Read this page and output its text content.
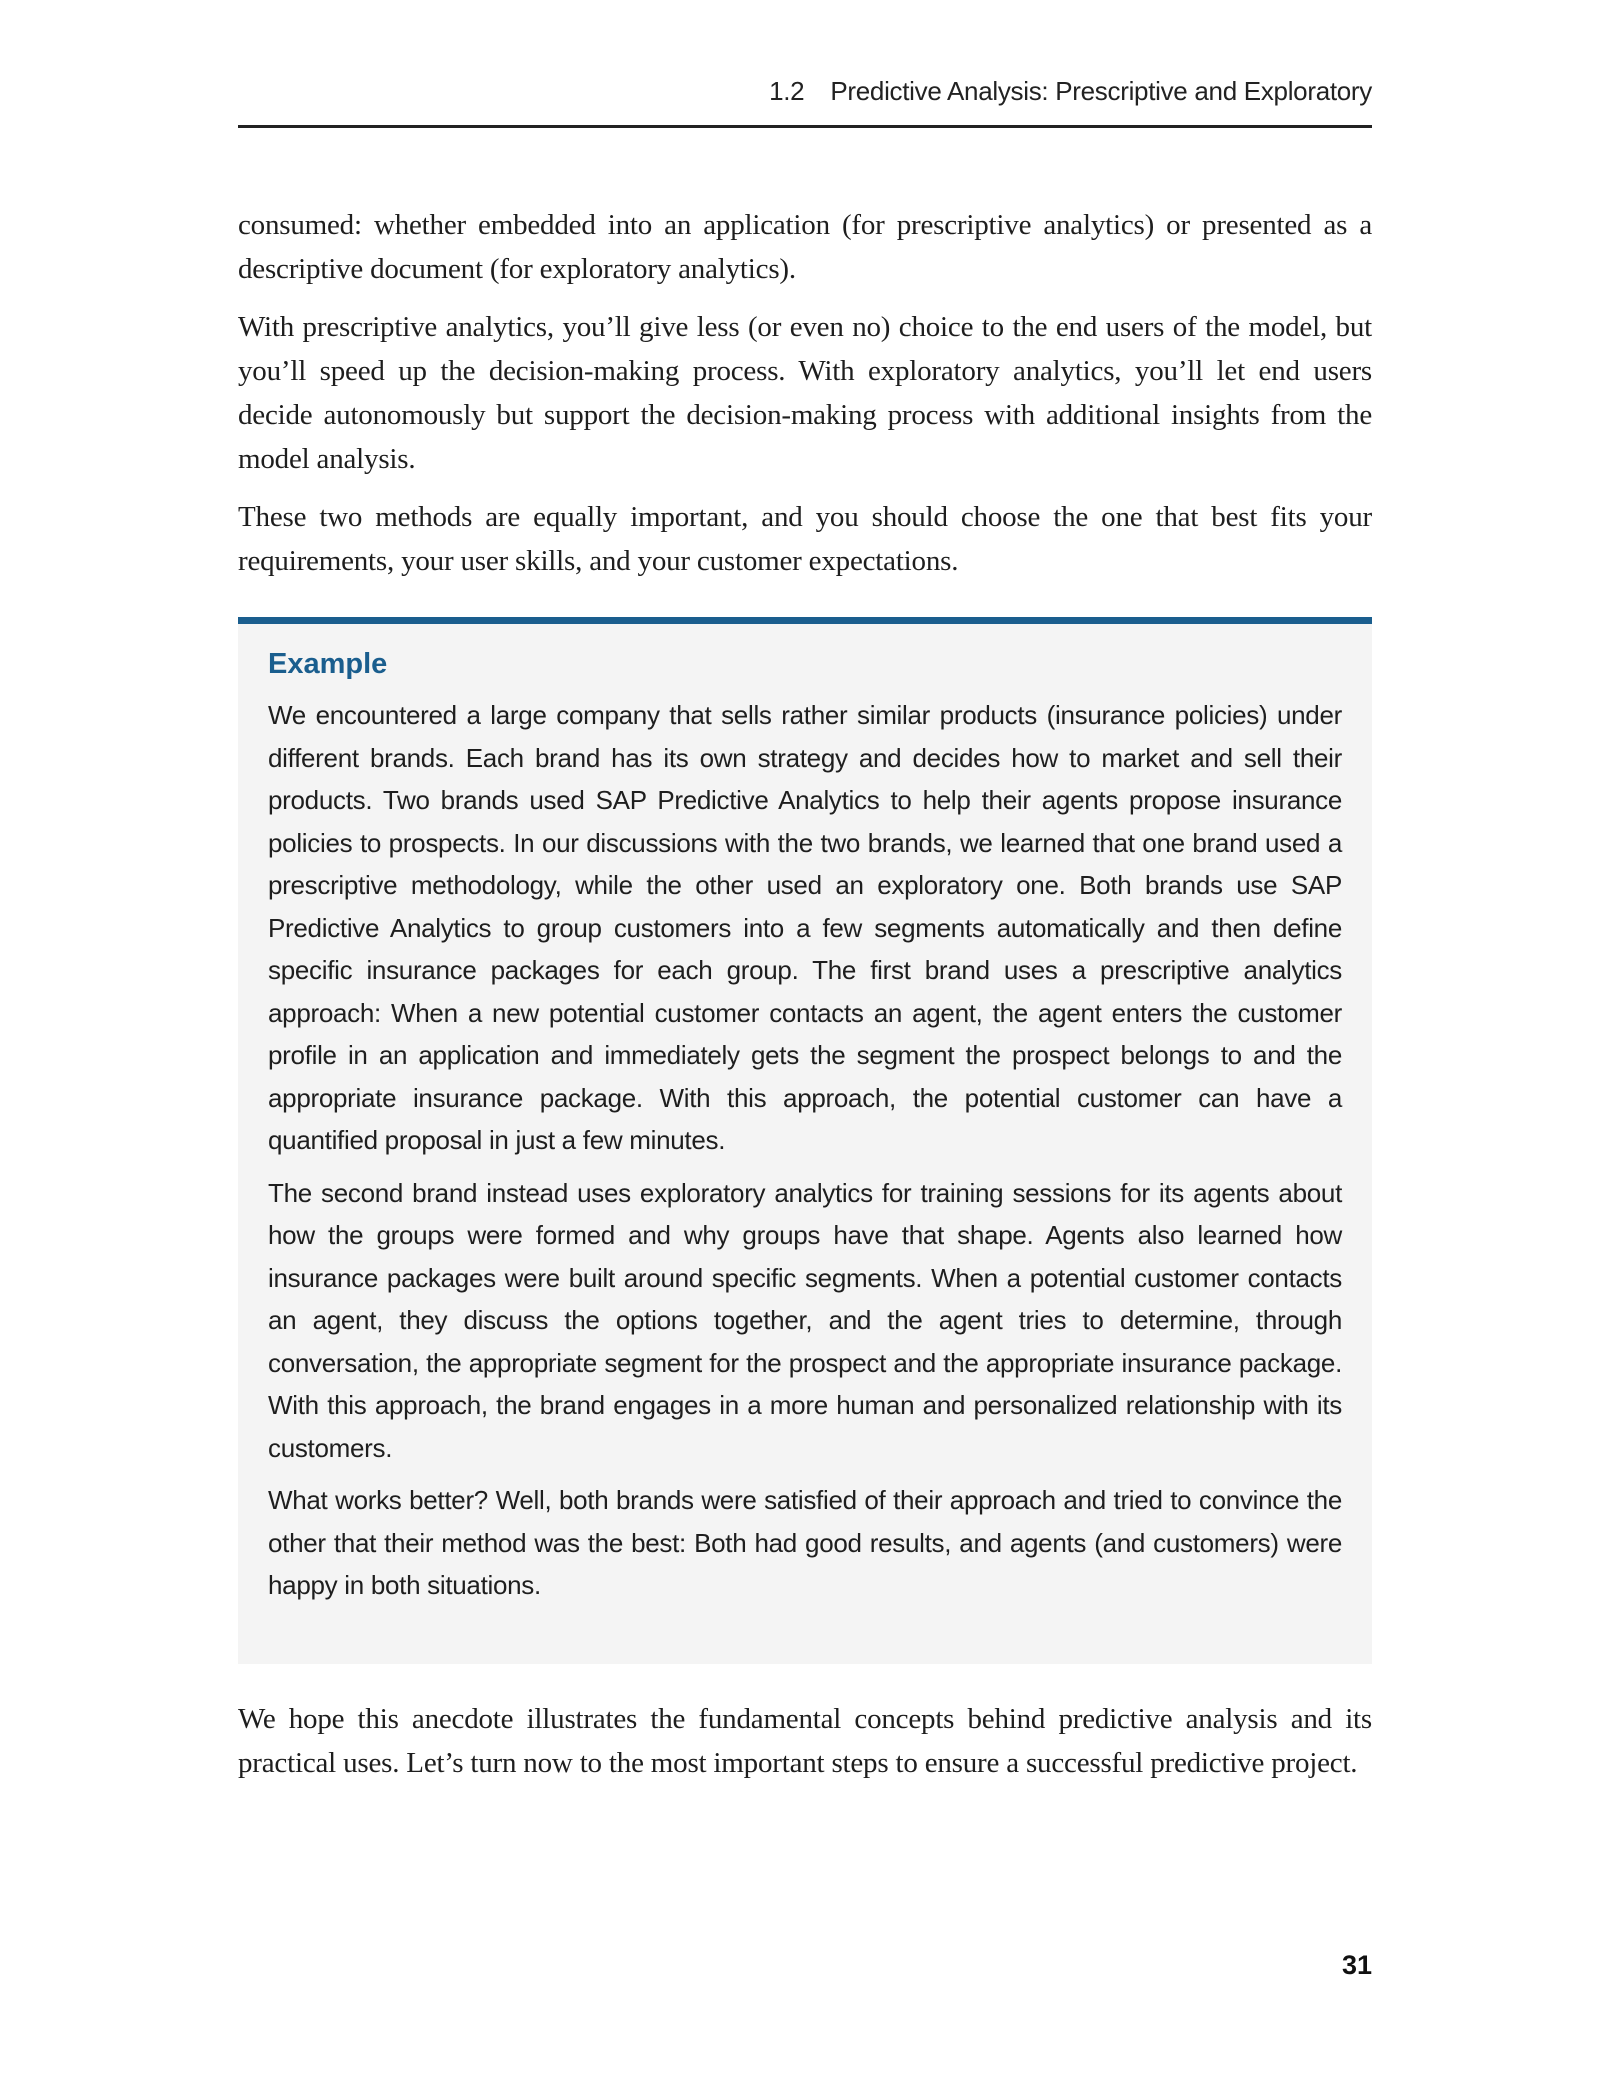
1.2 Predictive Analysis: Prescriptive and Exploratory

consumed: whether embedded into an application (for prescriptive analytics) or presented as a descriptive document (for exploratory analytics).

With prescriptive analytics, you’ll give less (or even no) choice to the end users of the model, but you’ll speed up the decision-making process. With exploratory analytics, you’ll let end users decide autonomously but support the decision-making process with additional insights from the model analysis.

These two methods are equally important, and you should choose the one that best fits your requirements, your user skills, and your customer expectations.

Example

We encountered a large company that sells rather similar products (insurance policies) under different brands. Each brand has its own strategy and decides how to market and sell their products. Two brands used SAP Predictive Analytics to help their agents propose insurance policies to prospects. In our discussions with the two brands, we learned that one brand used a prescriptive methodology, while the other used an exploratory one. Both brands use SAP Predictive Analytics to group customers into a few segments automatically and then define specific insurance packages for each group. The first brand uses a prescriptive analytics approach: When a new potential customer contacts an agent, the agent enters the customer profile in an application and immediately gets the segment the prospect belongs to and the appropriate insurance package. With this approach, the potential customer can have a quantified proposal in just a few minutes.

The second brand instead uses exploratory analytics for training sessions for its agents about how the groups were formed and why groups have that shape. Agents also learned how insurance packages were built around specific segments. When a potential customer contacts an agent, they discuss the options together, and the agent tries to determine, through conversation, the appropriate segment for the prospect and the appropriate insurance package. With this approach, the brand engages in a more human and personalized relationship with its customers.

What works better? Well, both brands were satisfied of their approach and tried to convince the other that their method was the best: Both had good results, and agents (and customers) were happy in both situations.

We hope this anecdote illustrates the fundamental concepts behind predictive analysis and its practical uses. Let’s turn now to the most important steps to ensure a successful predictive project.

31
